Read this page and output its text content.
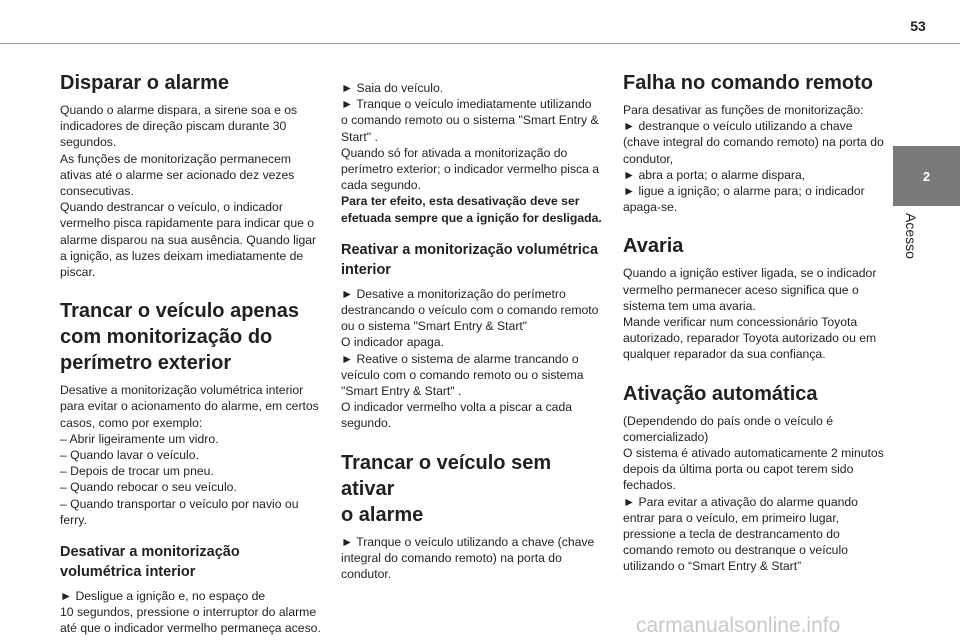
53
2
Acesso
Disparar o alarme

Quando o alarme dispara, a sirene soa e os

indicadores de direção piscam durante 30

segundos.

As funções de monitorização permanecem

ativas até o alarme ser acionado dez vezes

consecutivas.

Quando destrancar o veículo, o indicador

vermelho pisca rapidamente para indicar que o

alarme disparou na sua ausência. Quando ligar

a ignição, as luzes deixam imediatamente de

piscar.

Trancar o veículo apenas
com monitorização do
perímetro exterior

Desative a monitorização volumétrica interior

para evitar o acionamento do alarme, em certos

casos, como por exemplo:

– Abrir ligeiramente um vidro.

– Quando lavar o veículo.

– Depois de trocar um pneu.

– Quando rebocar o seu veículo.

– Quando transportar o veículo por navio ou

ferry.

Desativar a monitorização
volumétrica interior

► Desligue a ignição e, no espaço de

10 segundos, pressione o interruptor do alarme

até que o indicador vermelho permaneça aceso.

► Saia do veículo.

► Tranque o veículo imediatamente utilizando

o comando remoto ou o sistema "Smart Entry &

Start" .

Quando só for ativada a monitorização do

perímetro exterior; o indicador vermelho pisca a

cada segundo.

Para ter efeito, esta desativação deve ser

efetuada sempre que a ignição for desligada.

Reativar a monitorização volumétrica interior

► Desative a monitorização do perímetro

destrancando o veículo com o comando remoto

ou o sistema "Smart Entry & Start"

O indicador apaga.

► Reative o sistema de alarme trancando o

veículo com o comando remoto ou o sistema

"Smart Entry & Start" .

O indicador vermelho volta a piscar a cada

segundo.

Trancar o veículo sem ativar
o alarme

► Tranque o veículo utilizando a chave (chave

integral do comando remoto) na porta do

condutor.

Falha no comando remoto

Para desativar as funções de monitorização:

► destranque o veículo utilizando a chave

(chave integral do comando remoto) na porta do

condutor,

► abra a porta; o alarme dispara,

► ligue a ignição; o alarme para; o indicador

apaga-se.

Avaria

Quando a ignição estiver ligada, se o indicador

vermelho permanecer aceso significa que o

sistema tem uma avaria.

Mande verificar num concessionário Toyota

autorizado, reparador Toyota autorizado ou em

qualquer reparador da sua confiança.

Ativação automática

(Dependendo do país onde o veículo é

comercializado)

O sistema é ativado automaticamente 2 minutos

depois da última porta ou capot terem sido

fechados.

► Para evitar a ativação do alarme quando

entrar para o veículo, em primeiro lugar,

pressione a tecla de destrancamento do

comando remoto ou destranque o veículo

utilizando o “Smart Entry & Start”

carmanualsonline.info
